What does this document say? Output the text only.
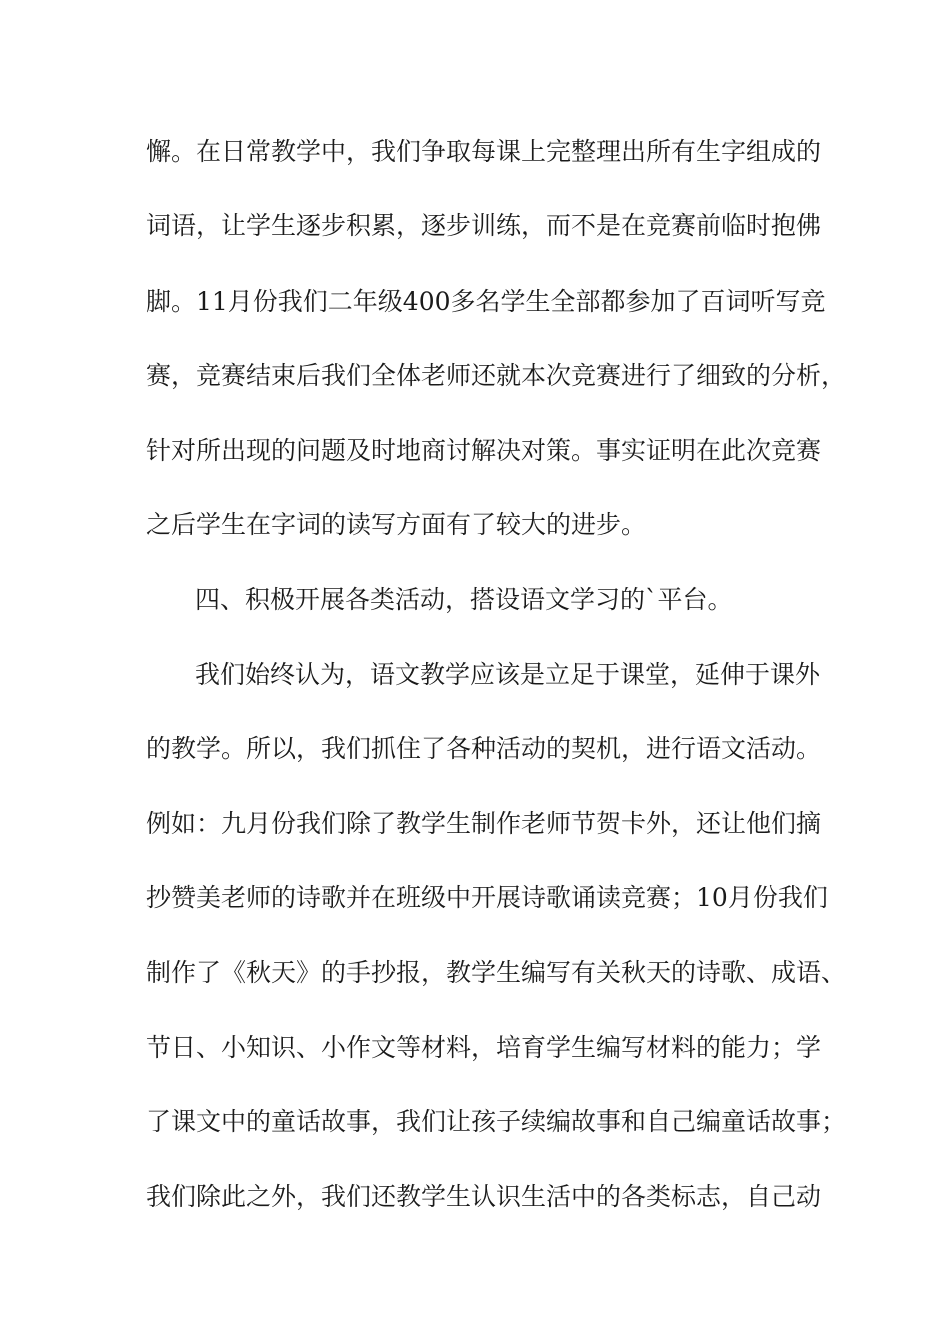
懈。在日常教学中，我们争取每课上完整理出所有生字组成的
词语，让学生逐步积累，逐步训练，而不是在竞赛前临时抱佛
脚。11月份我们二年级400多名学生全部都参加了百词听写竞
赛，竞赛结束后我们全体老师还就本次竞赛进行了细致的分析，
针对所出现的问题及时地商讨解决对策。事实证明在此次竞赛
之后学生在字词的读写方面有了较大的进步。
四、积极开展各类活动，搭设语文学习的`平台。
我们始终认为，语文教学应该是立足于课堂，延伸于课外
的教学。所以，我们抓住了各种活动的契机，进行语文活动。
例如：九月份我们除了教学生制作老师节贺卡外，还让他们摘
抄赞美老师的诗歌并在班级中开展诗歌诵读竞赛；10月份我们
制作了《秋天》的手抄报，教学生编写有关秋天的诗歌、成语、
节日、小知识、小作文等材料，培育学生编写材料的能力；学
了课文中的童话故事，我们让孩子续编故事和自己编童话故事；
我们除此之外，我们还教学生认识生活中的各类标志，自己动
